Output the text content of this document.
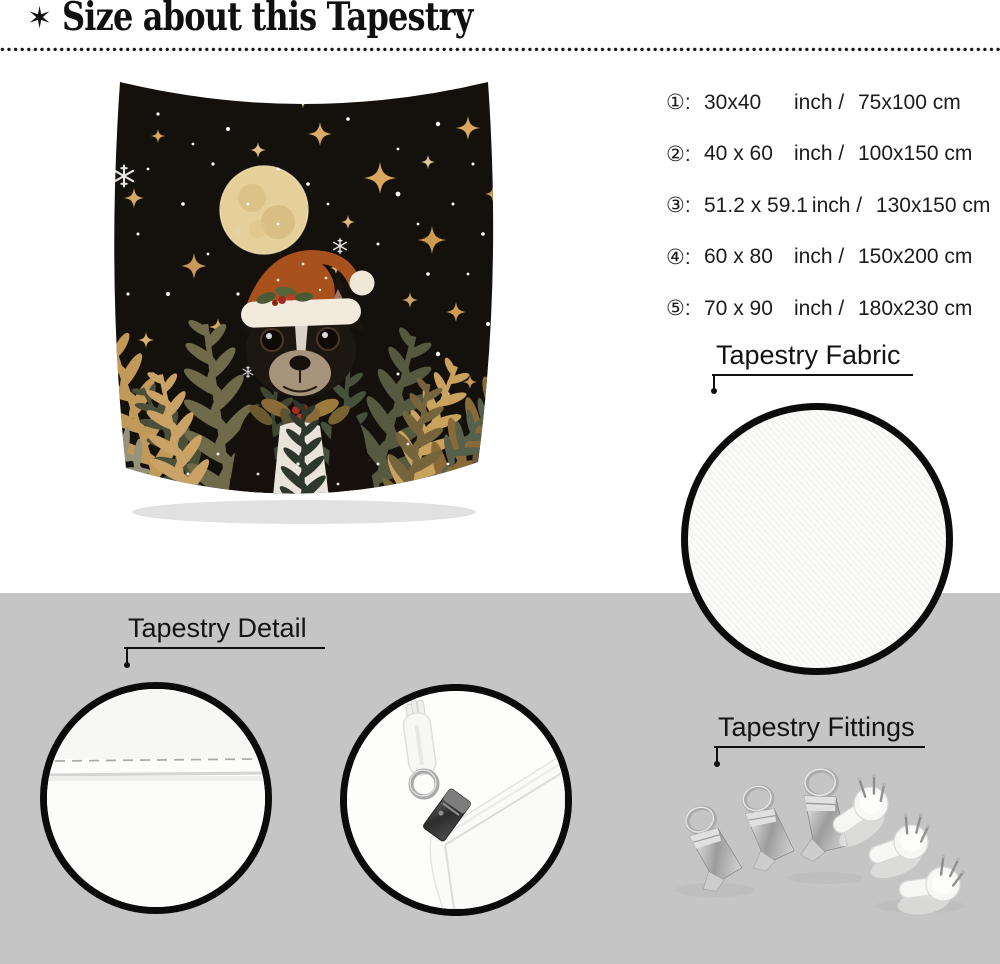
✶ Size about this Tapestry
①: 30x40	inch / 75x100 cm
②: 40 x 60	inch / 100x150 cm
③: 51.2 x 59.1 inch / 130x150 cm
④: 60 x 80	inch / 150x200 cm
⑤: 70 x 90	inch / 180x230 cm
Tapestry Fabric
Tapestry Detail
Tapestry Fittings
